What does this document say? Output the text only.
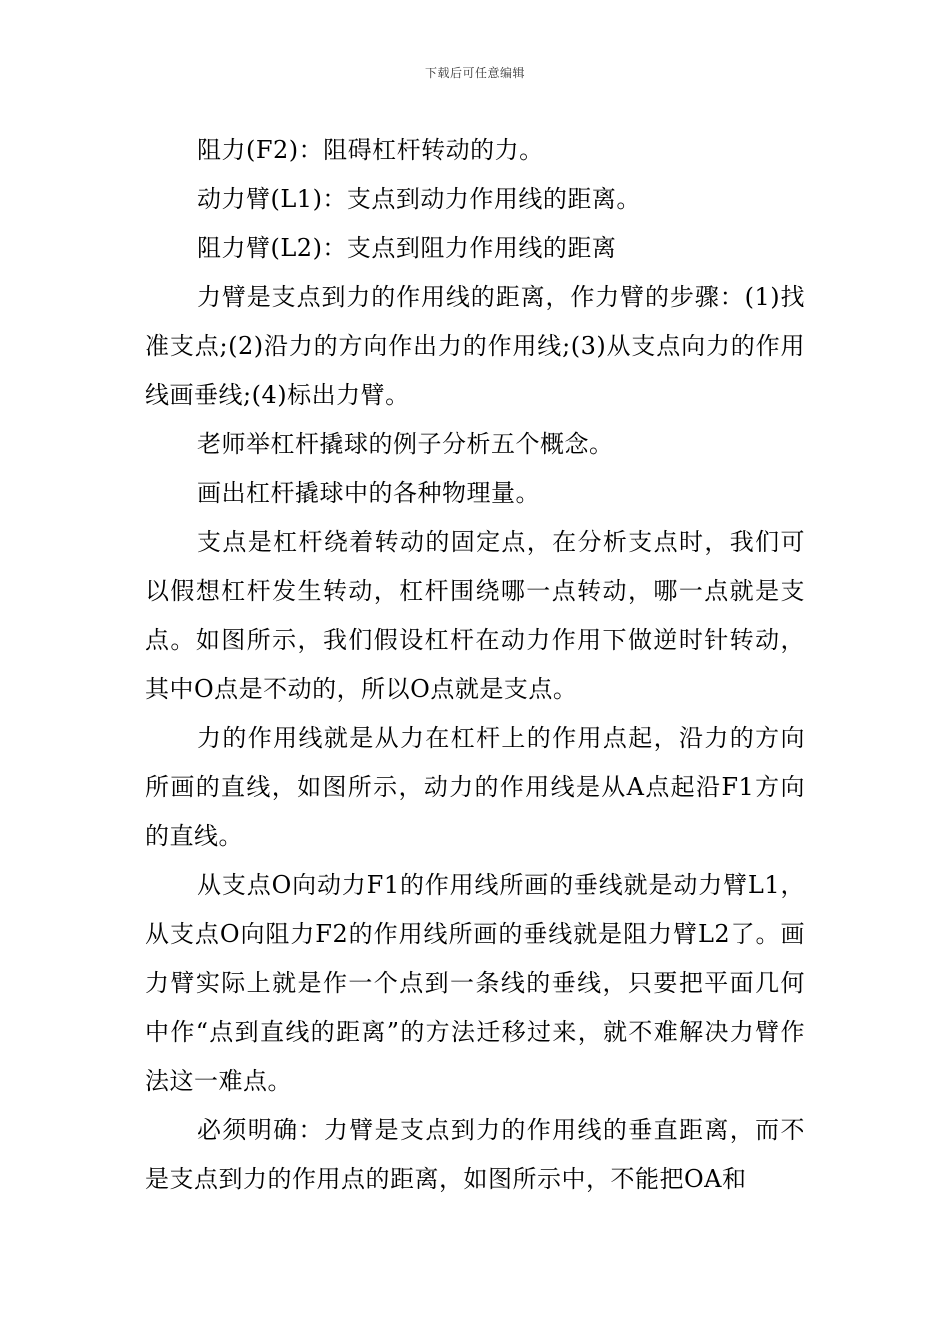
下载后可任意编辑

阻力(F2)：阻碍杠杆转动的力。

动力臂(L1)：支点到动力作用线的距离。

阻力臂(L2)：支点到阻力作用线的距离

力臂是支点到力的作用线的距离，作力臂的步骤：(1)找准支点;(2)沿力的方向作出力的作用线;(3)从支点向力的作用线画垂线;(4)标出力臂。

老师举杠杆撬球的例子分析五个概念。

画出杠杆撬球中的各种物理量。

支点是杠杆绕着转动的固定点，在分析支点时，我们可以假想杠杆发生转动，杠杆围绕哪一点转动，哪一点就是支点。如图所示，我们假设杠杆在动力作用下做逆时针转动，其中O点是不动的，所以O点就是支点。

力的作用线就是从力在杠杆上的作用点起，沿力的方向所画的直线，如图所示，动力的作用线是从A点起沿F1方向的直线。

从支点O向动力F1的作用线所画的垂线就是动力臂L1，从支点O向阻力F2的作用线所画的垂线就是阻力臂L2了。画力臂实际上就是作一个点到一条线的垂线，只要把平面几何中作“点到直线的距离”的方法迁移过来，就不难解决力臂作法这一难点。

必须明确：力臂是支点到力的作用线的垂直距离，而不是支点到力的作用点的距离，如图所示中，不能把OA和
